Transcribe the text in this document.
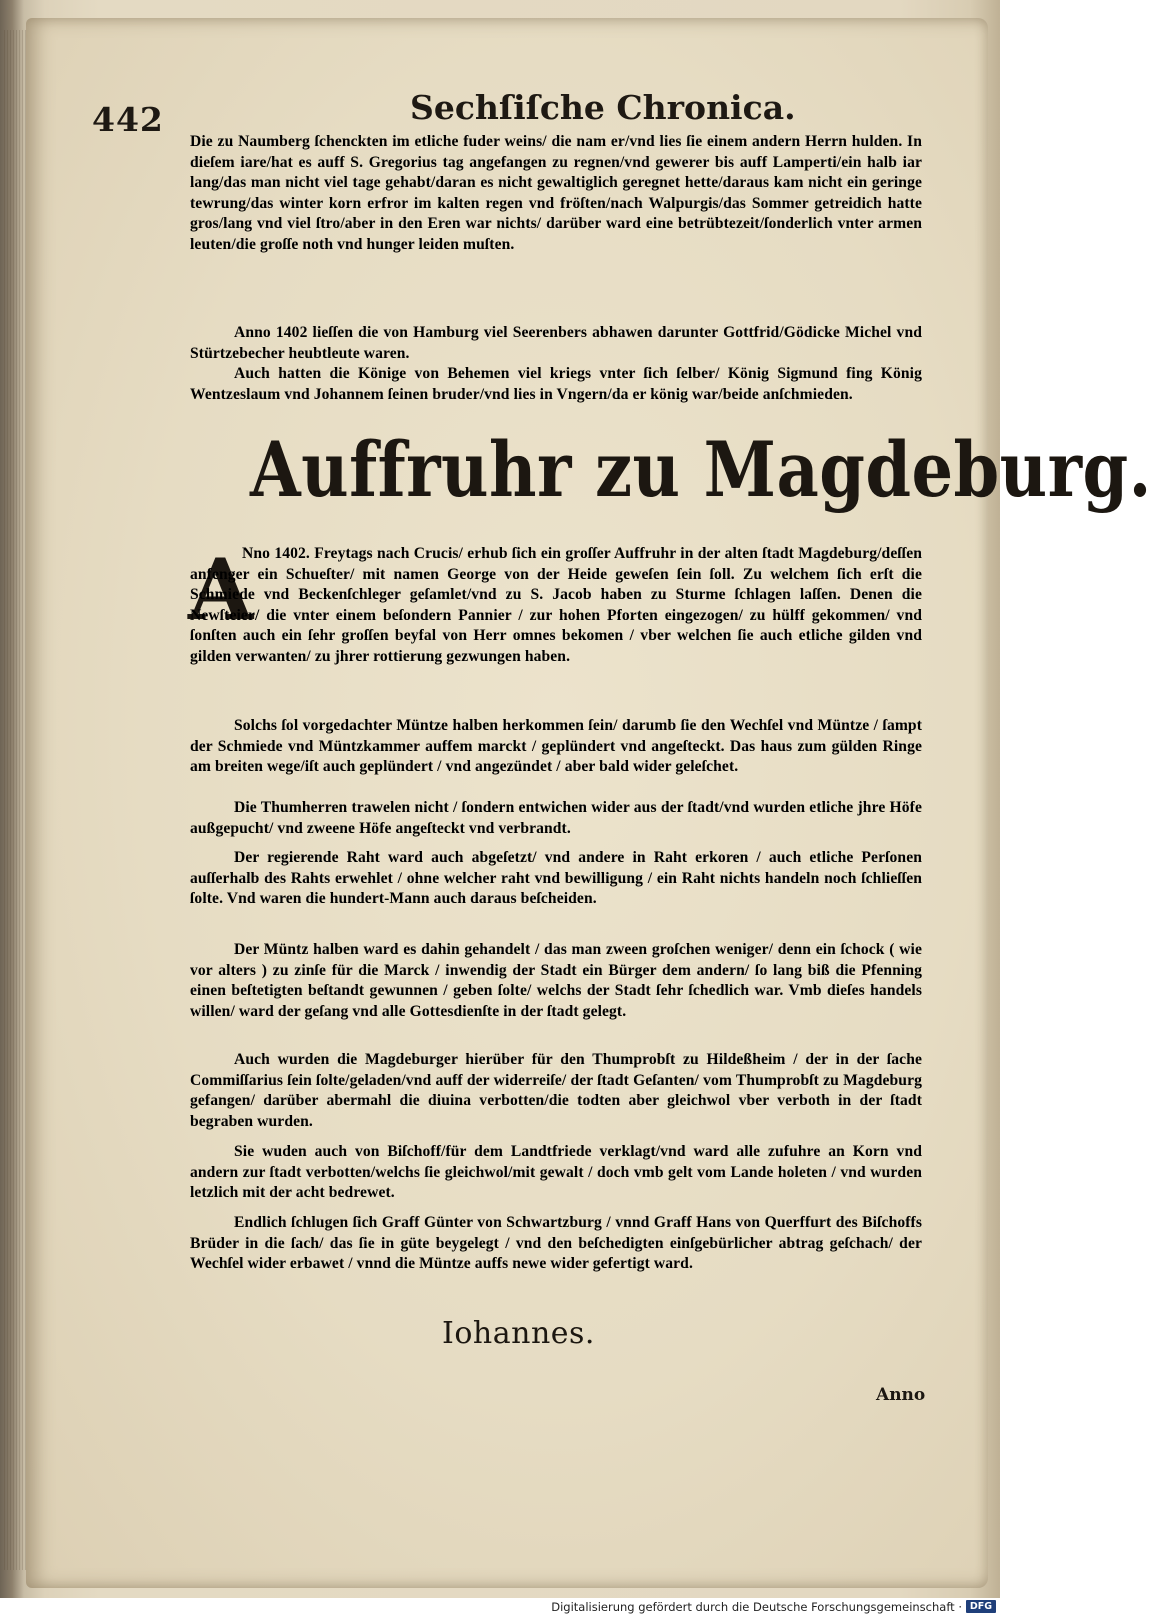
442	Sechſiſche Chronica.

Die zu Naumberg ſchenckten im etliche fuder weins/ die nam er/vnd lies ſie einem andern Herrn hulden. In dieſem iare/hat es auff S. Gregorius tag angefangen zu regnen/vnd gewerer bis auff Lamperti/ein halb iar lang/das man nicht viel tage gehabt/daran es nicht gewaltiglich geregnet hette/daraus kam nicht ein geringe tewrung/das winter korn erfror im kalten regen vnd fröſten/nach Walpurgis/das Sommer getreidich hatte gros/lang vnd viel ſtro/aber in den Eren war nichts/ darüber ward eine betrübtezeit/ſonderlich vnter armen leuten/die groſſe noth vnd hunger leiden muſten.

Anno 1402 lieſſen die von Hamburg viel Seerenbers abhawen darunter Gottfrid/Gödicke Michel vnd Stürtzebecher heubtleute waren.

Auch hatten die Könige von Behemen viel kriegs vnter ſich ſelber/ König Sigmund fing König Wentzeslaum vnd Johannem ſeinen bruder/vnd lies in Vngern/da er könig war/beide anſchmieden.

Auffruhr zu Magdeburg.
A

Nno 1402. Freytags nach Crucis/ erhub ſich ein groſſer Auffruhr in der alten ſtadt Magdeburg/deſſen anfenger ein Schueſter/ mit namen George von der Heide geweſen ſein ſoll. Zu welchem ſich erſt die Schmiede vnd Beckenſchleger geſamlet/vnd zu S. Jacob haben zu Sturme ſchlagen laſſen. Denen die Newſteier/ die vnter einem beſondern Pannier / zur hohen Pforten eingezogen/ zu hülff gekommen/ vnd ſonſten auch ein ſehr groſſen beyfal von Herr omnes bekomen / vber welchen ſie auch etliche gilden vnd gilden verwanten/ zu jhrer rottierung gezwungen haben.

Solchs ſol vorgedachter Müntze halben herkommen ſein/ darumb ſie den Wechſel vnd Müntze / ſampt der Schmiede vnd Müntzkammer auffem marckt / geplündert vnd angeſteckt. Das haus zum gülden Ringe am breiten wege/iſt auch geplündert / vnd angezündet / aber bald wider geleſchet.

Die Thumherren trawelen nicht / ſondern entwichen wider aus der ſtadt/vnd wurden etliche jhre Höfe außgepucht/ vnd zweene Höfe angeſteckt vnd verbrandt.

Der regierende Raht ward auch abgeſetzt/ vnd andere in Raht erkoren / auch etliche Perſonen auſſerhalb des Rahts erwehlet / ohne welcher raht vnd bewilligung / ein Raht nichts handeln noch ſchlieſſen ſolte. Vnd waren die hundert-Mann auch daraus beſcheiden.

Der Müntz halben ward es dahin gehandelt / das man zween groſchen weniger/ denn ein ſchock ( wie vor alters ) zu zinſe für die Marck / inwendig der Stadt ein Bürger dem andern/ ſo lang biß die Pfenning einen beſtetigten beſtandt gewunnen / geben ſolte/ welchs der Stadt ſehr ſchedlich war. Vmb dieſes handels willen/ ward der geſang vnd alle Gottesdienſte in der ſtadt gelegt.

Auch wurden die Magdeburger hierüber für den Thumprobſt zu Hildeßheim / der in der ſache Commiſſarius ſein ſolte/geladen/vnd auff der widerreiſe/ der ſtadt Geſanten/ vom Thumprobſt zu Magdeburg gefangen/ darüber abermahl die diuina verbotten/die todten aber gleichwol vber verboth in der ſtadt begraben wurden.

Sie wuden auch von Biſchoff/für dem Landtfriede verklagt/vnd ward alle zufuhre an Korn vnd andern zur ſtadt verbotten/welchs ſie gleichwol/mit gewalt / doch vmb gelt vom Lande holeten / vnd wurden letzlich mit der acht bedrewet.

Endlich ſchlugen ſich Graff Günter von Schwartzburg / vnnd Graff Hans von Querffurt des Biſchoffs Brüder in die ſach/ das ſie in güte beygelegt / vnd den beſchedigten einſgebürlicher abtrag geſchach/ der Wechſel wider erbawet / vnnd die Müntze auffs newe wider gefertigt ward.

Iohannes.
Anno
Digitalisierung gefördert durch die Deutsche Forschungsgemeinschaft · DFG
